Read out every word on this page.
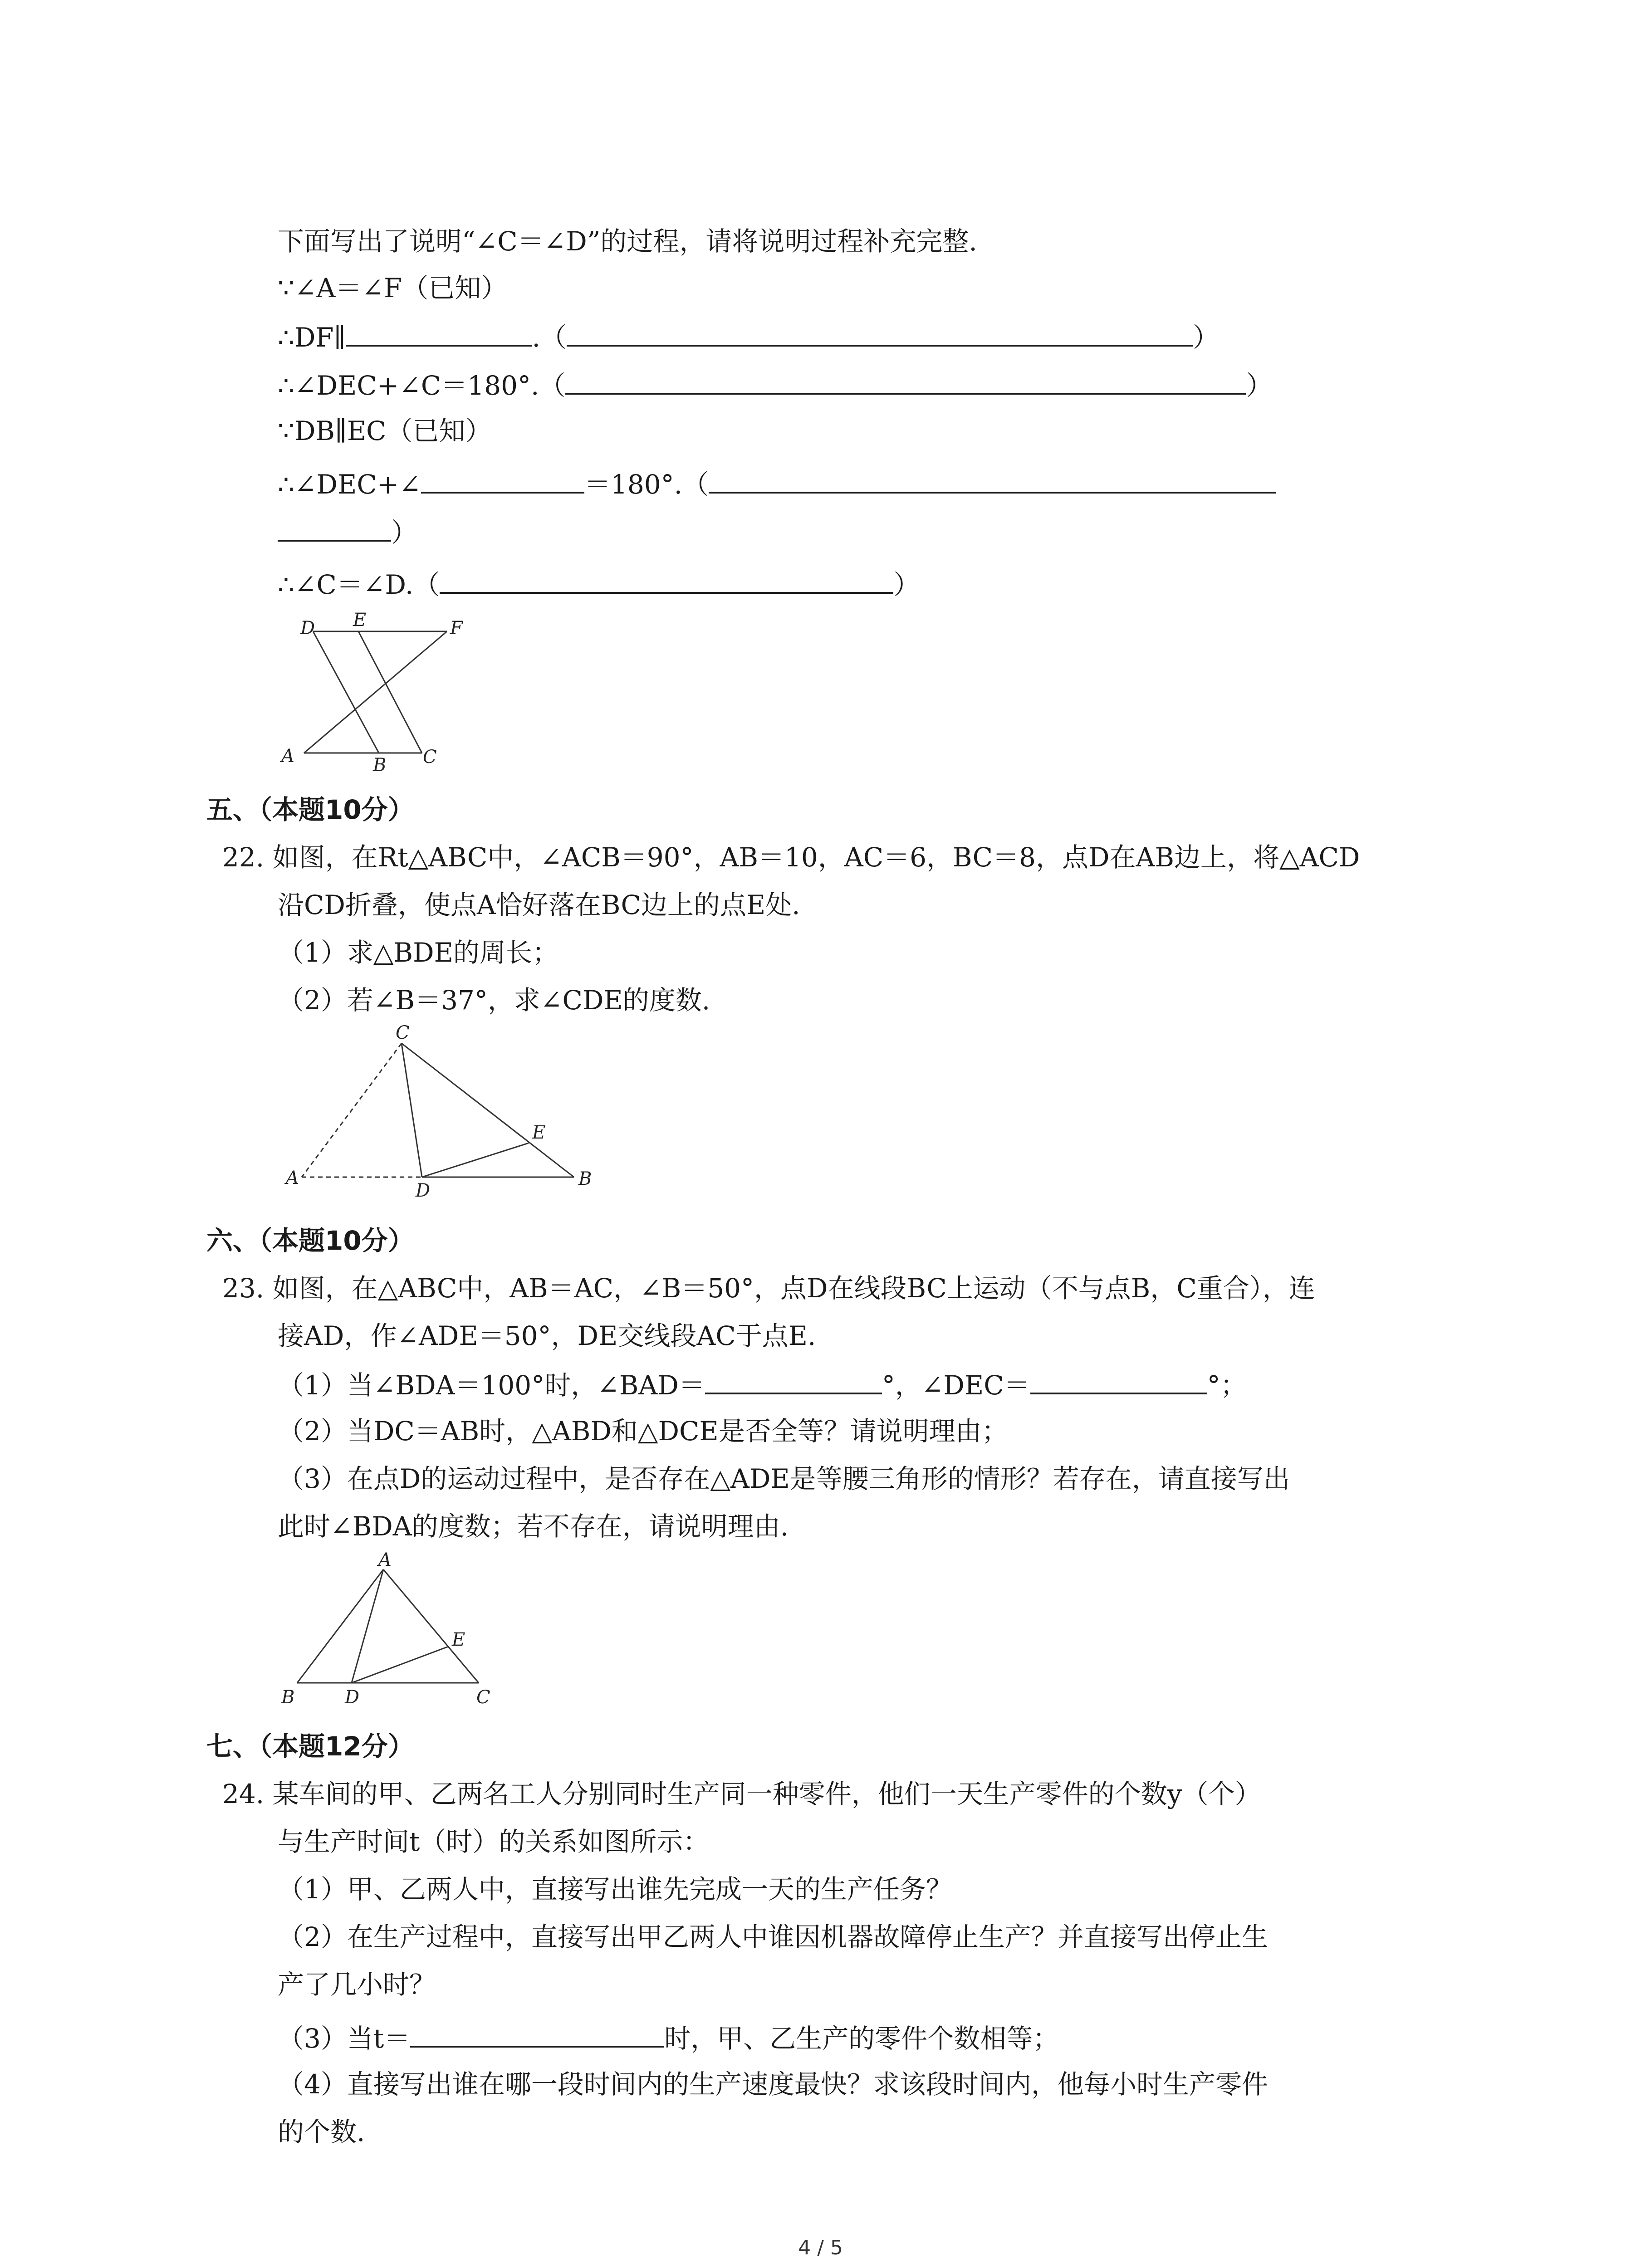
下面写出了说明“∠C＝∠D”的过程，请将说明过程补充完整.
∵∠A＝∠F（已知）
∴DF∥	.（	）
∴∠DEC+∠C＝180°.（	）
∵DB∥EC（已知）
∴∠DEC+∠	＝180°.（
）
∴∠C＝∠D.（	）
D E	F
A	B C
五、（本题10分）
22. 如图，在Rt△ABC中，∠ACB＝90°，AB＝10，AC＝6，BC＝8，点D在AB边上，将△ACD
沿CD折叠，使点A恰好落在BC边上的点E处.
（1）求△BDE的周长；
（2）若∠B＝37°，求∠CDE的度数.
C
E
A
D
B
六、（本题10分）
23. 如图，在△ABC中，AB＝AC，∠B＝50°，点D在线段BC上运动（不与点B，C重合），连
接AD，作∠ADE＝50°，DE交线段AC于点E.
（1）当∠BDA＝100°时，∠BAD＝	°，∠DEC＝	°；
（2）当DC＝AB时，△ABD和△DCE是否全等？请说明理由；
（3）在点D的运动过程中，是否存在△ADE是等腰三角形的情形？若存在，请直接写出
此时∠BDA的度数；若不存在，请说明理由.
A
E
B	D	C
七、（本题12分）
24. 某车间的甲、乙两名工人分别同时生产同一种零件，他们一天生产零件的个数y（个）
与生产时间t（时）的关系如图所示：
（1）甲、乙两人中，直接写出谁先完成一天的生产任务？
（2）在生产过程中，直接写出甲乙两人中谁因机器故障停止生产？并直接写出停止生
产了几小时？
（3）当t＝	时，甲、乙生产的零件个数相等；
（4）直接写出谁在哪一段时间内的生产速度最快？求该段时间内，他每小时生产零件
的个数.
4 / 5
